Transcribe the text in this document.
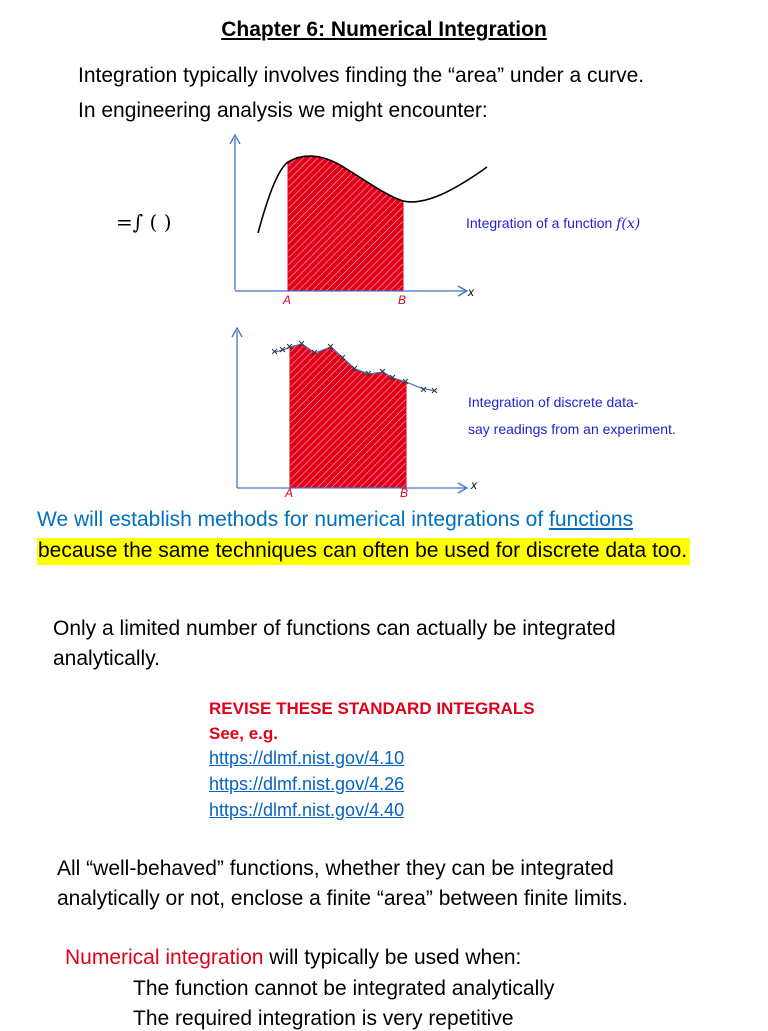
Chapter 6: Numerical Integration
Integration typically involves finding the “area” under a curve.
In engineering analysis we might encounter:
=∫ ( )
x
A	B
Integration of a function f(x)
x
A	B
Integration of discrete data-
say readings from an experiment.
We will establish methods for numerical integrations of functions
because the same techniques can often be used for discrete data too.
Only a limited number of functions can actually be integrated
analytically.
REVISE THESE STANDARD INTEGRALS
See, e.g.
https://dlmf.nist.gov/4.10
https://dlmf.nist.gov/4.26
https://dlmf.nist.gov/4.40
All “well-behaved” functions, whether they can be integrated
analytically or not, enclose a finite “area” between finite limits.
Numerical integration will typically be used when:
The function cannot be integrated analytically
The required integration is very repetitive
